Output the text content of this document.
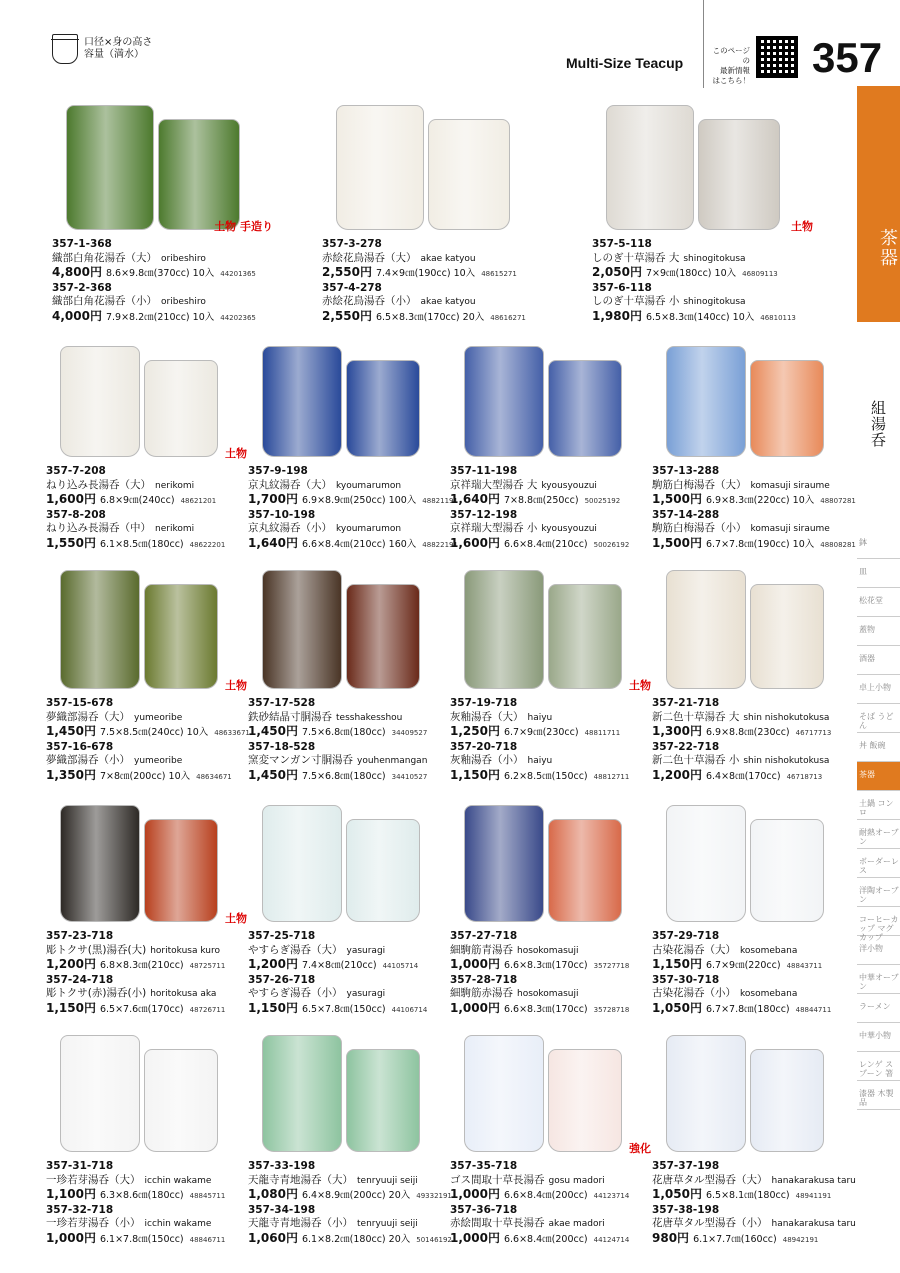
口径×身の高さ
容量（満水）
Multi-Size Teacup
このページの
最新情報
はこちら！ 357
茶器
組湯呑
鉢
皿
松花堂
蓋物
酒器
卓上小物
そば うどん
丼 飯碗
茶器
土鍋 コンロ
耐熱オーブン
ボーダーレス
洋陶オーブン
コーヒーカップ マグカップ
洋小物
中華オーブン
ラーメン
中華小物
レンゲ スプーン 箸
漆器 木製品
土物 手造り
357-1-368
織部白角花湯呑（大） oribeshiro
4,800円 8.6×9.8㎝(370cc) 10入 44201365
357-2-368
織部白角花湯呑（小） oribeshiro
4,000円 7.9×8.2㎝(210cc) 10入 44202365
357-3-278
赤絵花鳥湯呑（大） akae katyou
2,550円 7.4×9㎝(190cc) 10入 48615271
357-4-278
赤絵花鳥湯呑（小） akae katyou
2,550円 6.5×8.3㎝(170cc) 20入 48616271
土物
357-5-118
しのぎ十草湯呑 大 shinogitokusa
2,050円 7×9㎝(180cc) 10入 46809113
357-6-118
しのぎ十草湯呑 小 shinogitokusa
1,980円 6.5×8.3㎝(140cc) 10入 46810113
土物
357-7-208
ねり込み長湯呑（大） nerikomi
1,600円 6.8×9㎝(240cc) 48621201
357-8-208
ねり込み長湯呑（中） nerikomi
1,550円 6.1×8.5㎝(180cc) 48622201
357-9-198
京丸紋湯呑（大） kyoumarumon
1,700円 6.9×8.9㎝(250cc) 100入 48821191
357-10-198
京丸紋湯呑（小） kyoumarumon
1,640円 6.6×8.4㎝(210cc) 160入 48822191
357-11-198
京祥瑞大型湯呑 大 kyousyouzui
1,640円 7×8.8㎝(250cc) 50025192
357-12-198
京祥瑞大型湯呑 小 kyousyouzui
1,600円 6.6×8.4㎝(210cc) 50026192
357-13-288
駒筋白梅湯呑（大） komasuji siraume
1,500円 6.9×8.3㎝(220cc) 10入 48807281
357-14-288
駒筋白梅湯呑（小） komasuji siraume
1,500円 6.7×7.8㎝(190cc) 10入 48808281
土物
357-15-678
夢織部湯呑（大） yumeoribe
1,450円 7.5×8.5㎝(240cc) 10入 48633671
357-16-678
夢織部湯呑（小） yumeoribe
1,350円 7×8㎝(200cc) 10入 48634671
357-17-528
鉄砂結晶寸胴湯呑 tesshakesshou
1,450円 7.5×6.8㎝(180cc) 34409527
357-18-528
窯変マンガン寸胴湯呑 youhenmangan
1,450円 7.5×6.8㎝(180cc) 34410527
土物
357-19-718
灰釉湯呑（大） haiyu
1,250円 6.7×9㎝(230cc) 48811711
357-20-718
灰釉湯呑（小） haiyu
1,150円 6.2×8.5㎝(150cc) 48812711
357-21-718
新二色十草湯呑 大 shin nishokutokusa
1,300円 6.9×8.8㎝(230cc) 46717713
357-22-718
新二色十草湯呑 小 shin nishokutokusa
1,200円 6.4×8㎝(170cc) 46718713
土物
357-23-718
彫トクサ(黒)湯呑(大) horitokusa kuro
1,200円 6.8×8.3㎝(210cc) 48725711
357-24-718
彫トクサ(赤)湯呑(小) horitokusa aka
1,150円 6.5×7.6㎝(170cc) 48726711
357-25-718
やすらぎ湯呑（大） yasuragi
1,200円 7.4×8㎝(210cc) 44105714
357-26-718
やすらぎ湯呑（小） yasuragi
1,150円 6.5×7.8㎝(150cc) 44106714
357-27-718
細駒筋青湯呑 hosokomasuji
1,000円 6.6×8.3㎝(170cc) 35727718
357-28-718
細駒筋赤湯呑 hosokomasuji
1,000円 6.6×8.3㎝(170cc) 35728718
357-29-718
古染花湯呑（大） kosomebana
1,150円 6.7×9㎝(220cc) 48843711
357-30-718
古染花湯呑（小） kosomebana
1,050円 6.7×7.8㎝(180cc) 48844711
357-31-718
一珍若芽湯呑（大） icchin wakame
1,100円 6.3×8.6㎝(180cc) 48845711
357-32-718
一珍若芽湯呑（小） icchin wakame
1,000円 6.1×7.8㎝(150cc) 48846711
357-33-198
天龍寺青地湯呑（大） tenryuuji seiji
1,080円 6.4×8.9㎝(200cc) 20入 49332191
357-34-198
天龍寺青地湯呑（小） tenryuuji seiji
1,060円 6.1×8.2㎝(180cc) 20入 50146192
強化
357-35-718
ゴス間取十草長湯呑 gosu madori
1,000円 6.6×8.4㎝(200cc) 44123714
357-36-718
赤絵間取十草長湯呑 akae madori
1,000円 6.6×8.4㎝(200cc) 44124714
357-37-198
花唐草タル型湯呑（大） hanakarakusa taru
1,050円 6.5×8.1㎝(180cc) 48941191
357-38-198
花唐草タル型湯呑（小） hanakarakusa taru
980円 6.1×7.7㎝(160cc) 48942191
